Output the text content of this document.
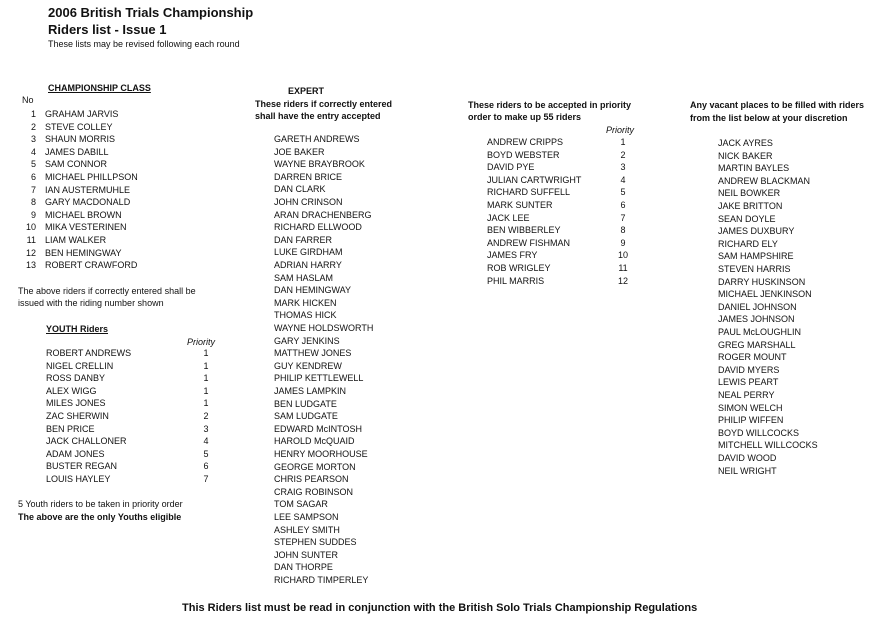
2006 British Trials Championship
Riders list - Issue 1
These lists may be revised following each round
CHAMPIONSHIP CLASS
No
1 GRAHAM JARVIS
2 STEVE COLLEY
3 SHAUN MORRIS
4 JAMES DABILL
5 SAM CONNOR
6 MICHAEL PHILLPSON
7 IAN AUSTERMUHLE
8 GARY MACDONALD
9 MICHAEL BROWN
10 MIKA VESTERINEN
11 LIAM WALKER
12 BEN HEMINGWAY
13 ROBERT CRAWFORD
The above riders if correctly entered shall be
issued with the riding number shown
YOUTH Riders
Priority
ROBERT ANDREWS	1
NIGEL CRELLIN	1
ROSS DANBY	1
ALEX WIGG	1
MILES JONES	1
ZAC SHERWIN	2
BEN PRICE	3
JACK CHALLONER	4
ADAM JONES	5
BUSTER REGAN	6
LOUIS HAYLEY	7
5 Youth riders to be taken in priority order
The above are the only Youths eligible
EXPERT
These riders if correctly entered
shall have the entry accepted
GARETH ANDREWS
JOE BAKER
WAYNE BRAYBROOK
DARREN BRICE
DAN CLARK
JOHN CRINSON
ARAN DRACHENBERG
RICHARD ELLWOOD
DAN FARRER
LUKE GIRDHAM
ADRIAN HARRY
SAM HASLAM
DAN HEMINGWAY
MARK HICKEN
THOMAS HICK
WAYNE HOLDSWORTH
GARY JENKINS
MATTHEW JONES
GUY KENDREW
PHILIP KETTLEWELL
JAMES LAMPKIN
BEN LUDGATE
SAM LUDGATE
EDWARD McINTOSH
HAROLD McQUAID
HENRY MOORHOUSE
GEORGE MORTON
CHRIS PEARSON
CRAIG ROBINSON
TOM SAGAR
LEE SAMPSON
ASHLEY SMITH
STEPHEN SUDDES
JOHN SUNTER
DAN THORPE
RICHARD TIMPERLEY
These riders to be accepted in priority
order to make up 55 riders
Priority
ANDREW CRIPPS	1
BOYD WEBSTER	2
DAVID PYE	3
JULIAN CARTWRIGHT	4
RICHARD SUFFELL	5
MARK SUNTER	6
JACK LEE	7
BEN WIBBERLEY	8
ANDREW FISHMAN	9
JAMES FRY	10
ROB WRIGLEY	11
PHIL MARRIS	12
Any vacant places to be filled with riders
from the list below at your discretion
JACK AYRES
NICK BAKER
MARTIN BAYLES
ANDREW BLACKMAN
NEIL BOWKER
JAKE BRITTON
SEAN DOYLE
JAMES DUXBURY
RICHARD ELY
SAM HAMPSHIRE
STEVEN HARRIS
DARRY HUSKINSON
MICHAEL JENKINSON
DANIEL JOHNSON
JAMES JOHNSON
PAUL McLOUGHLIN
GREG MARSHALL
ROGER MOUNT
DAVID MYERS
LEWIS PEART
NEAL PERRY
SIMON WELCH
PHILIP WIFFEN
BOYD WILLCOCKS
MITCHELL WILLCOCKS
DAVID WOOD
NEIL WRIGHT
This Riders list must be read in conjunction with the British Solo Trials Championship Regulations
